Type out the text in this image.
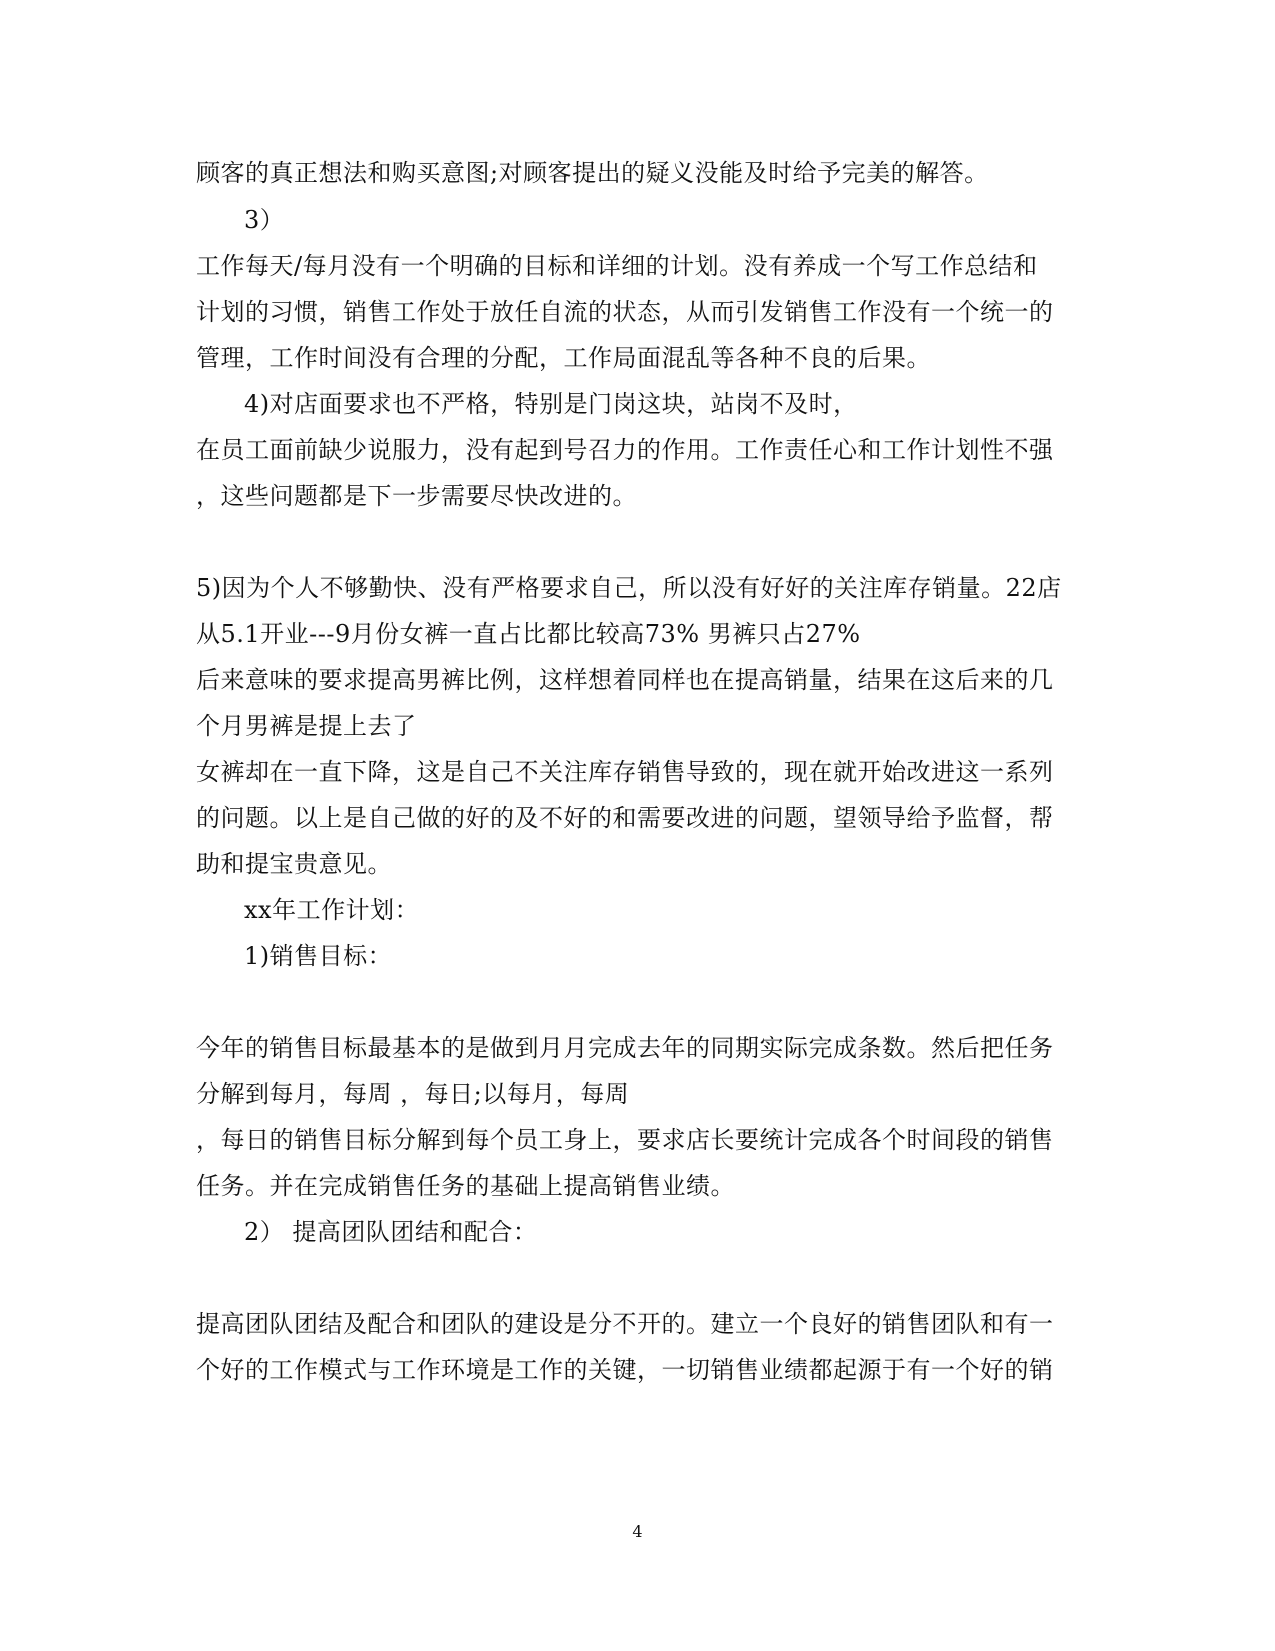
顾客的真正想法和购买意图;对顾客提出的疑义没能及时给予完美的解答。
3）
工作每天/每月没有一个明确的目标和详细的计划。没有养成一个写工作总结和
计划的习惯，销售工作处于放任自流的状态，从而引发销售工作没有一个统一的
管理，工作时间没有合理的分配，工作局面混乱等各种不良的后果。
4)对店面要求也不严格，特别是门岗这块，站岗不及时，
在员工面前缺少说服力，没有起到号召力的作用。工作责任心和工作计划性不强
，这些问题都是下一步需要尽快改进的。
5)因为个人不够勤快、没有严格要求自己，所以没有好好的关注库存销量。22店
从5.1开业---9月份女裤一直占比都比较高73% 男裤只占27%
后来意味的要求提高男裤比例，这样想着同样也在提高销量，结果在这后来的几
个月男裤是提上去了
女裤却在一直下降，这是自己不关注库存销售导致的，现在就开始改进这一系列
的问题。以上是自己做的好的及不好的和需要改进的问题，望领导给予监督，帮
助和提宝贵意见。
xx年工作计划：
1)销售目标：
今年的销售目标最基本的是做到月月完成去年的同期实际完成条数。然后把任务
分解到每月，每周 ，每日;以每月，每周
，每日的销售目标分解到每个员工身上，要求店长要统计完成各个时间段的销售
任务。并在完成销售任务的基础上提高销售业绩。
2） 提高团队团结和配合：
提高团队团结及配合和团队的建设是分不开的。建立一个良好的销售团队和有一
个好的工作模式与工作环境是工作的关键，一切销售业绩都起源于有一个好的销
4
